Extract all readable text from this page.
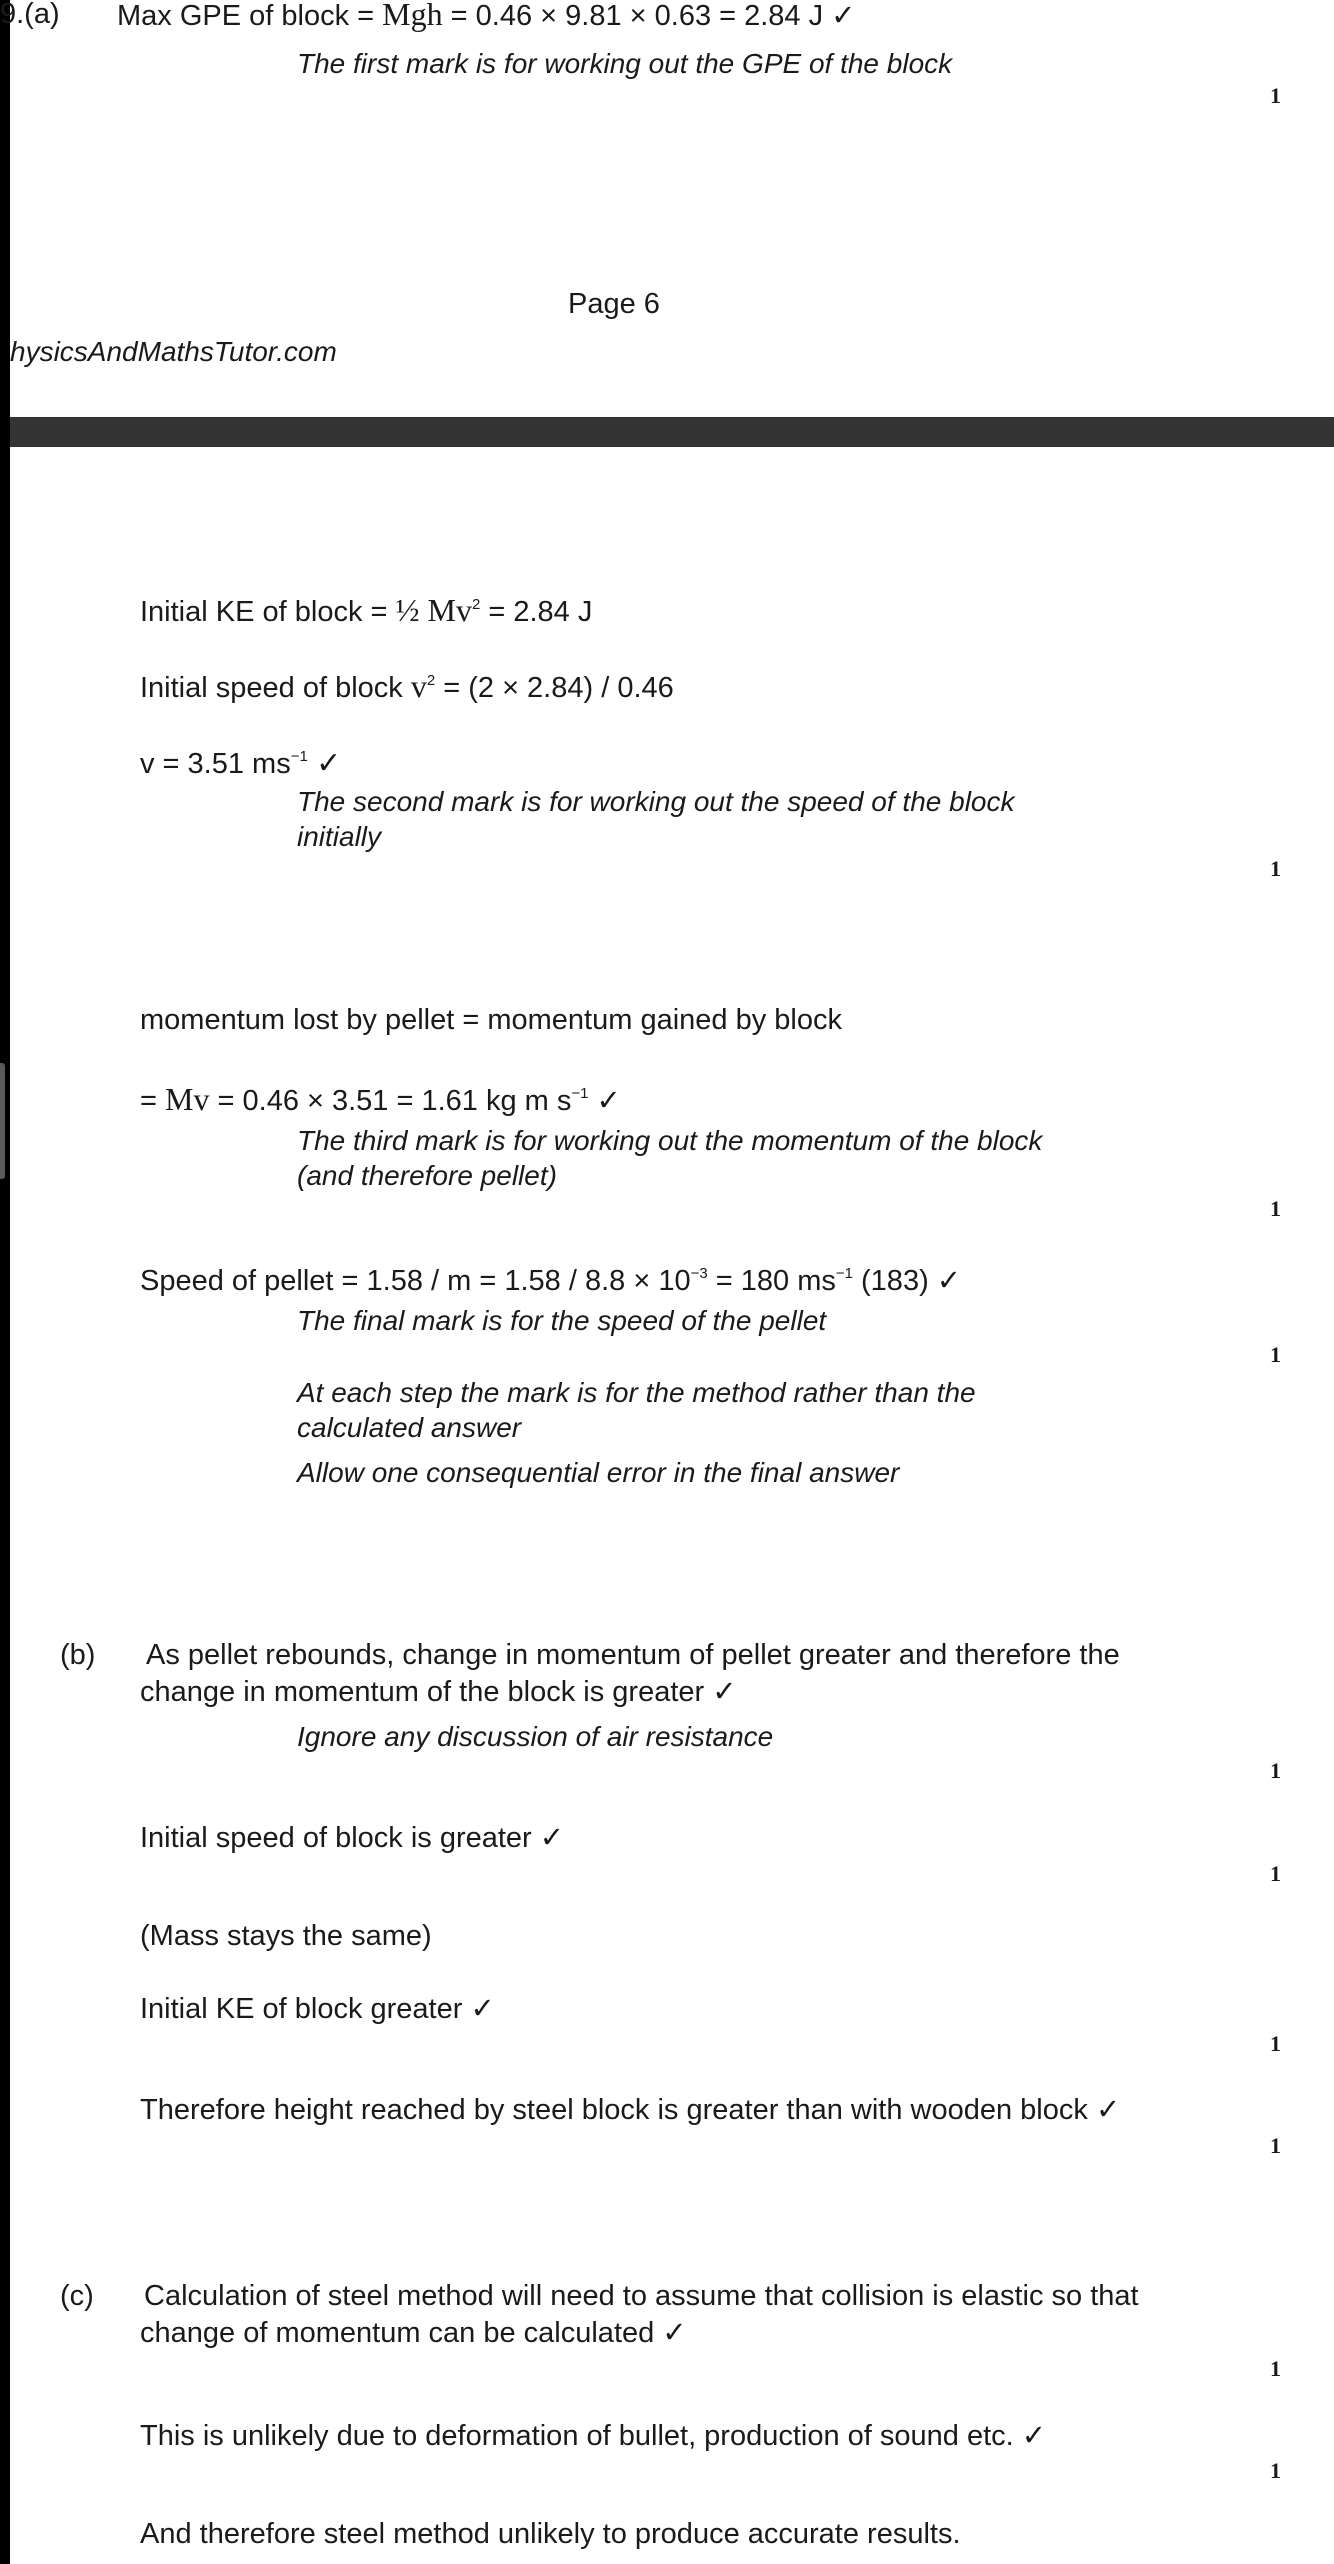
9.(a) Max GPE of block = Mgh = 0.46 × 9.81 × 0.63 = 2.84 J ✓
The first mark is for working out the GPE of the block
1
Page 6
hysicsAndMathsTutor.com
Initial KE of block = ½ $Mv^2 = 2.84$ J
Initial speed of block $v^2 = (2 \times 2.84) / 0.46$
v = 3.51 $ms^{-1}$ ✓
The second mark is for working out the speed of the block
initially
1
momentum lost by pellet = momentum gained by block
= Mv = 0.46 × 3.51 = 1.61 kg m $s^{-1}$ ✓
The third mark is for working out the momentum of the block
(and therefore pellet)
1
Speed of pellet = $1.58 / m = 1.58 / 8.8 \times 10^{-3} = 180$ $ms^{-1}$ (183) ✓
The final mark is for the speed of the pellet
1
At each step the mark is for the method rather than the
calculated answer
Allow one consequential error in the final answer
(b) As pellet rebounds, change in momentum of pellet greater and therefore the
change in momentum of the block is greater ✓
Ignore any discussion of air resistance
1
Initial speed of block is greater ✓
1
(Mass stays the same)
Initial KE of block greater ✓
1
Therefore height reached by steel block is greater than with wooden block ✓
1
(c) Calculation of steel method will need to assume that collision is elastic so that
change of momentum can be calculated ✓
1
This is unlikely due to deformation of bullet, production of sound etc. ✓
1
And therefore steel method unlikely to produce accurate results.
